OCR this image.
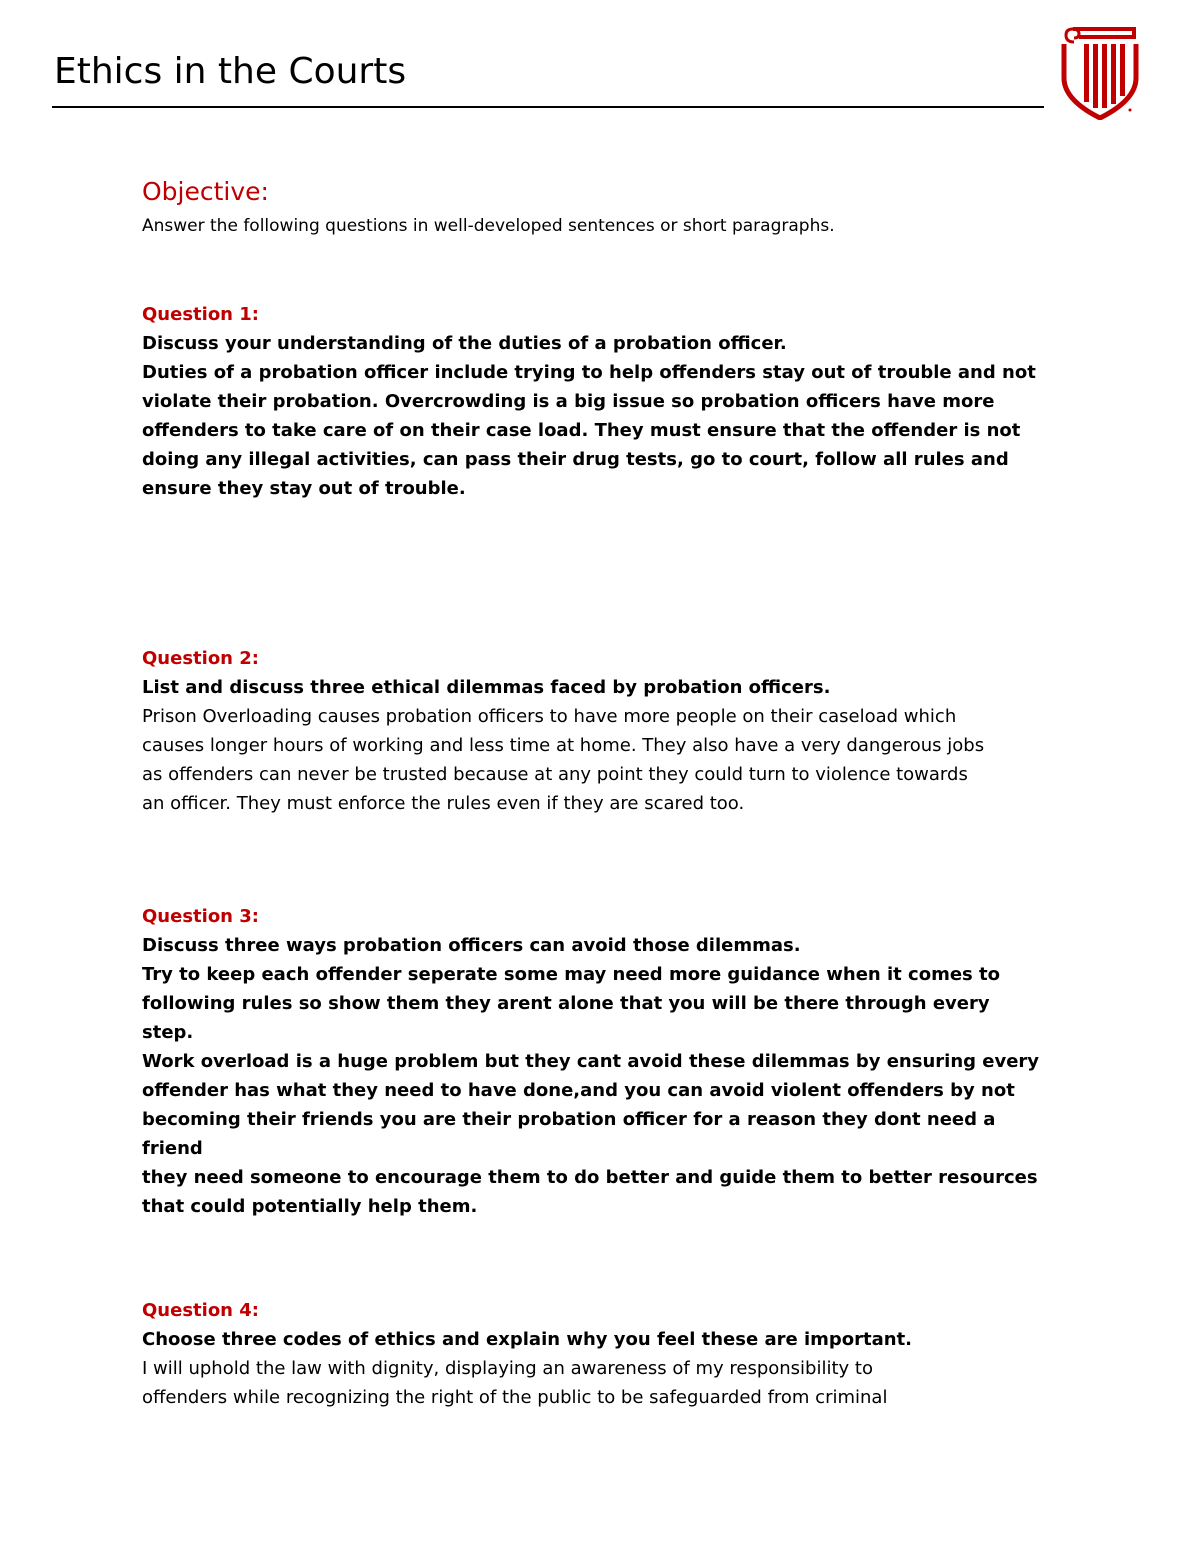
Ethics in the Courts

Objective:

Answer the following questions in well-developed sentences or short paragraphs.

Question 1:

Discuss your understanding of the duties of a probation officer.

Duties of a probation officer include trying to help offenders stay out of trouble and not
violate their probation. Overcrowding is a big issue so probation officers have more
offenders to take care of on their case load. They must ensure that the offender is not
doing any illegal activities, can pass their drug tests, go to court, follow all rules and
ensure they stay out of trouble.

Question 2:

List and discuss three ethical dilemmas faced by probation officers.

Prison Overloading causes probation officers to have more people on their caseload which
causes longer hours of working and less time at home. They also have a very dangerous jobs
as offenders can never be trusted because at any point they could turn to violence towards
an officer. They must enforce the rules even if they are scared too.

Question 3:

Discuss three ways probation officers can avoid those dilemmas.

Try to keep each offender seperate some may need more guidance when it comes to
following rules so show them they arent alone that you will be there through every step.
Work overload is a huge problem but they cant avoid these dilemmas by ensuring every
offender has what they need to have done,and you can avoid violent offenders by not
becoming their friends you are their probation officer for a reason they dont need a friend
they need someone to encourage them to do better and guide them to better resources
that could potentially help them.

Question 4:

Choose three codes of ethics and explain why you feel these are important.

I will uphold the law with dignity, displaying an awareness of my responsibility to
offenders while recognizing the right of the public to be safeguarded from criminal
